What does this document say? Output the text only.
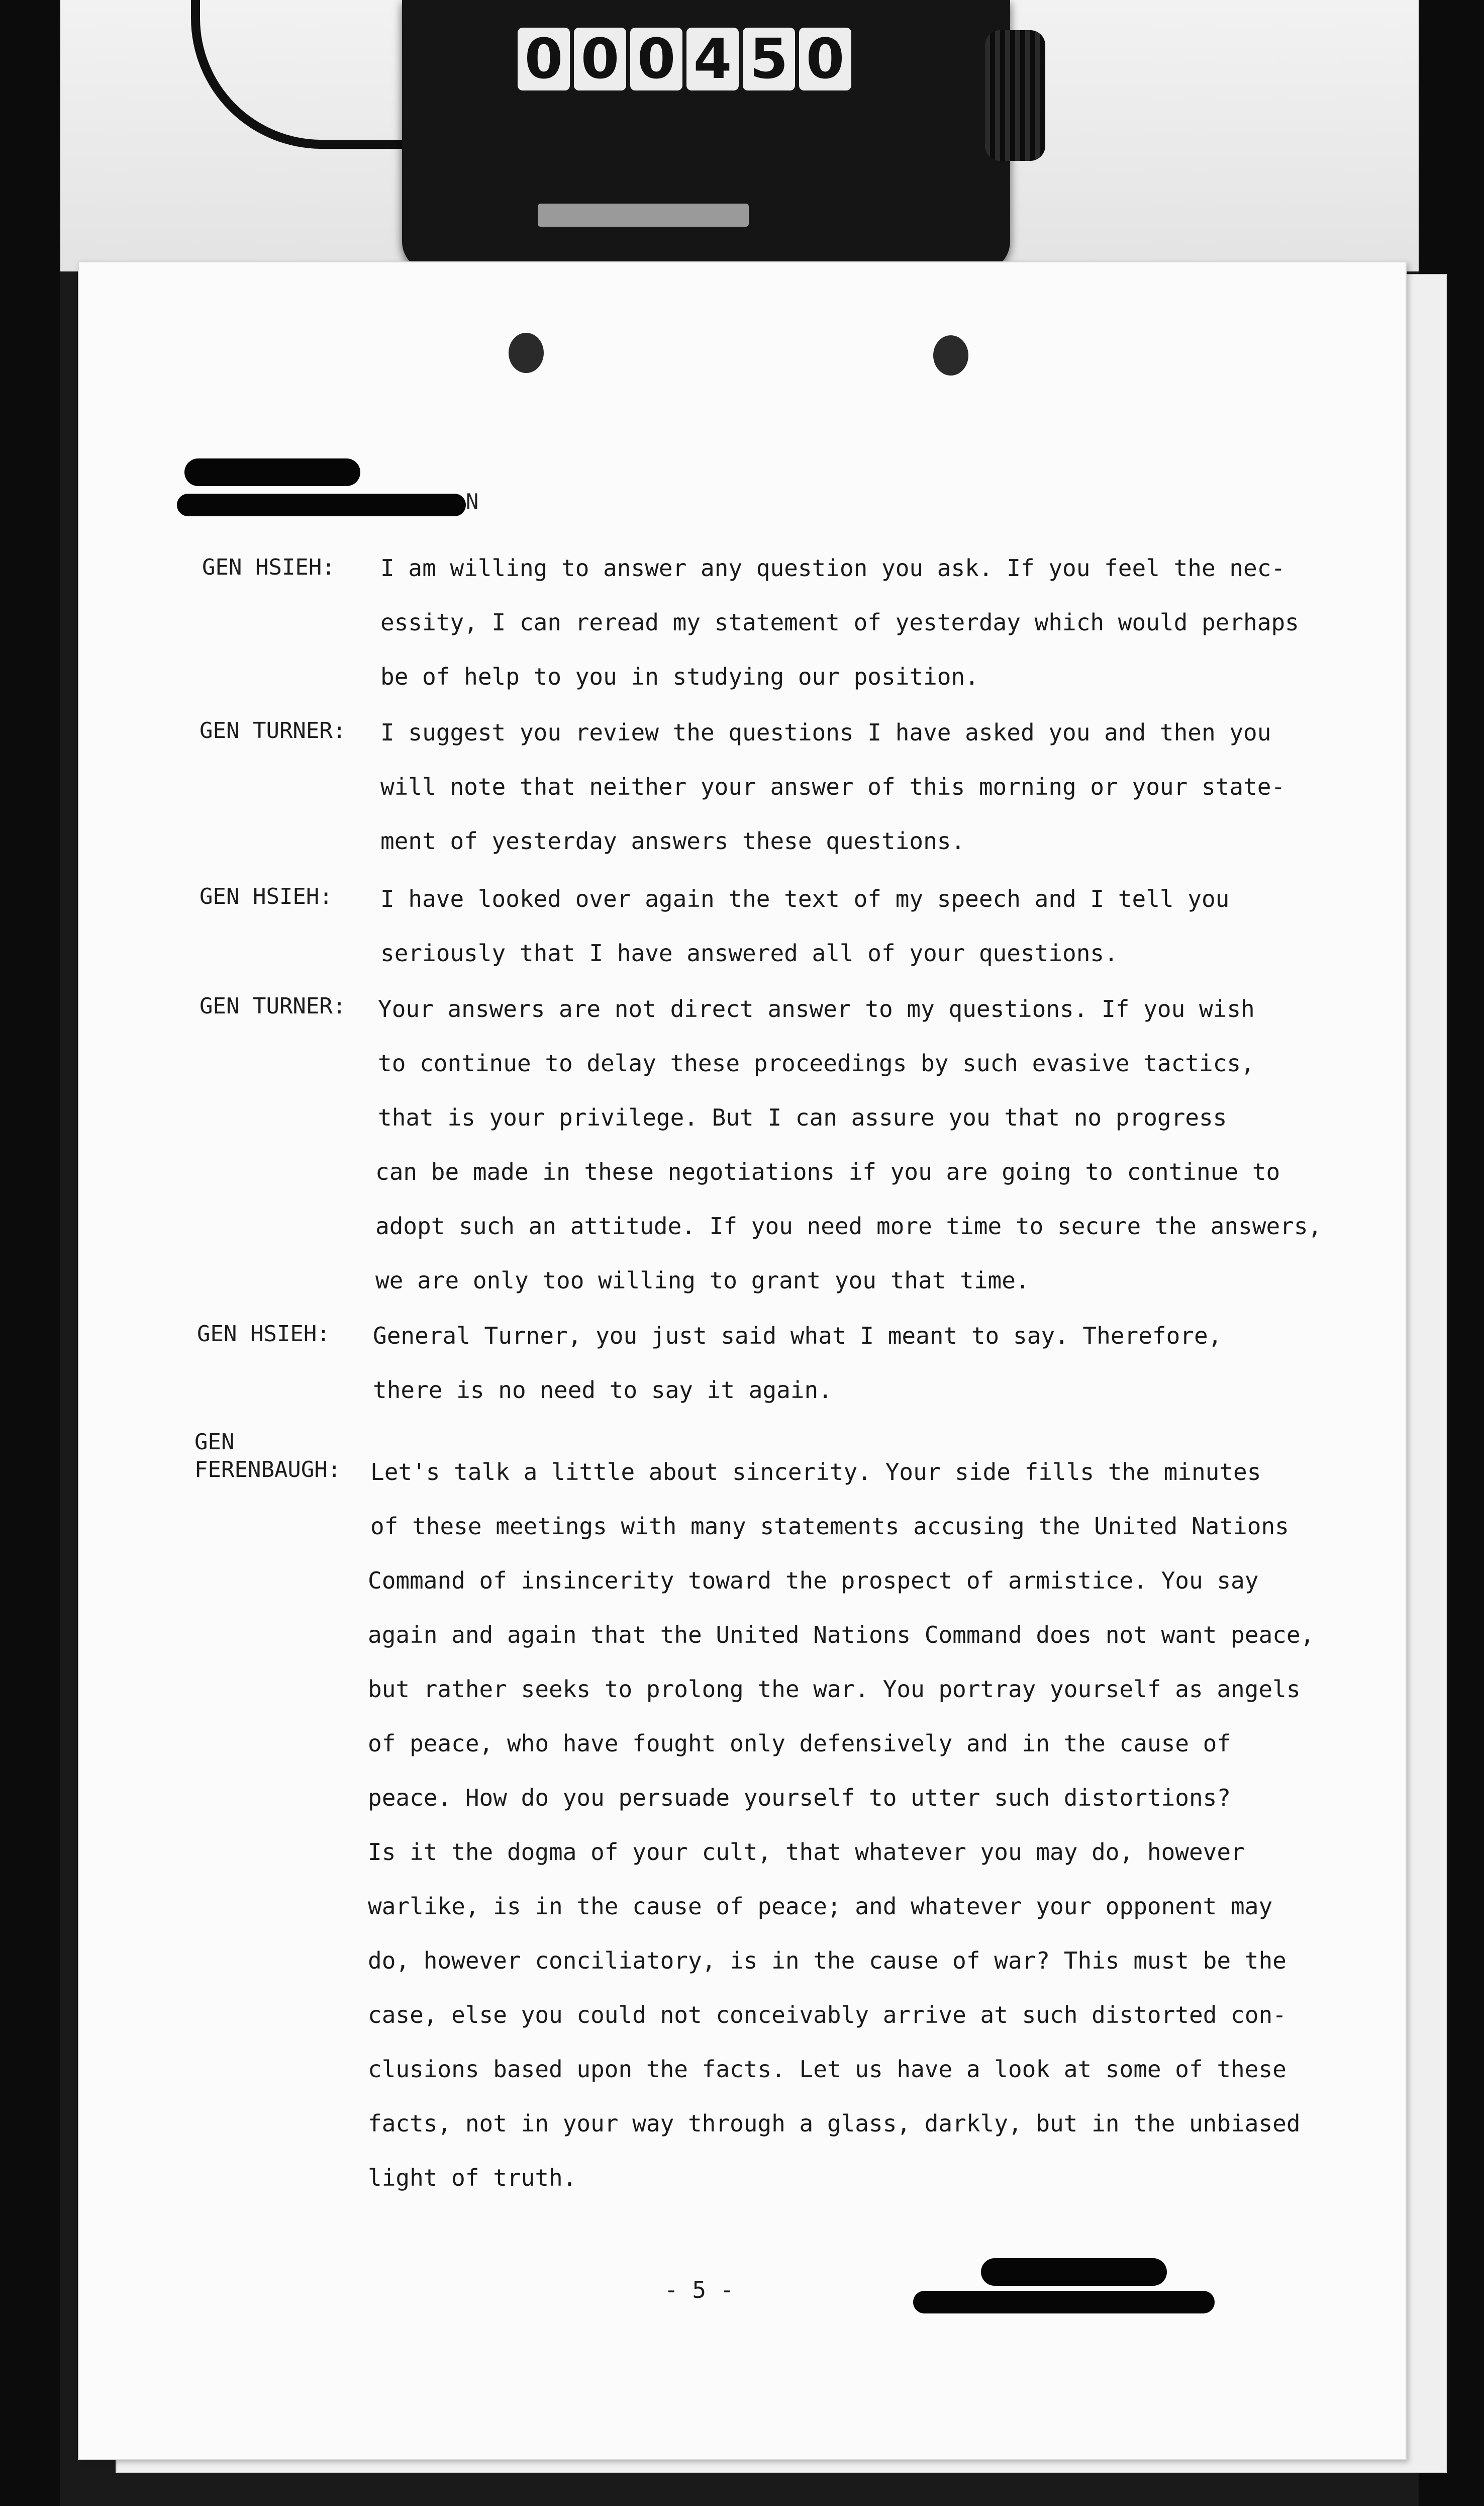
0 0 0 4 5 0
N
GEN HSIEH: I am willing to answer any question you ask. If you feel the nec-
essity, I can reread my statement of yesterday which would perhaps
be of help to you in studying our position.
GEN TURNER: I suggest you review the questions I have asked you and then you
will note that neither your answer of this morning or your state-
ment of yesterday answers these questions.
GEN HSIEH: I have looked over again the text of my speech and I tell you
seriously that I have answered all of your questions.
GEN TURNER: Your answers are not direct answer to my questions. If you wish
to continue to delay these proceedings by such evasive tactics,
that is your privilege. But I can assure you that no progress
can be made in these negotiations if you are going to continue to
adopt such an attitude. If you need more time to secure the answers,
we are only too willing to grant you that time.
GEN HSIEH: General Turner, you just said what I meant to say. Therefore,
there is no need to say it again.
GEN
FERENBAUGH: Let's talk a little about sincerity. Your side fills the minutes
of these meetings with many statements accusing the United Nations
Command of insincerity toward the prospect of armistice. You say
again and again that the United Nations Command does not want peace,
but rather seeks to prolong the war. You portray yourself as angels
of peace, who have fought only defensively and in the cause of
peace. How do you persuade yourself to utter such distortions?
Is it the dogma of your cult, that whatever you may do, however
warlike, is in the cause of peace; and whatever your opponent may
do, however conciliatory, is in the cause of war? This must be the
case, else you could not conceivably arrive at such distorted con-
clusions based upon the facts. Let us have a look at some of these
facts, not in your way through a glass, darkly, but in the unbiased
light of truth.
- 5 -
